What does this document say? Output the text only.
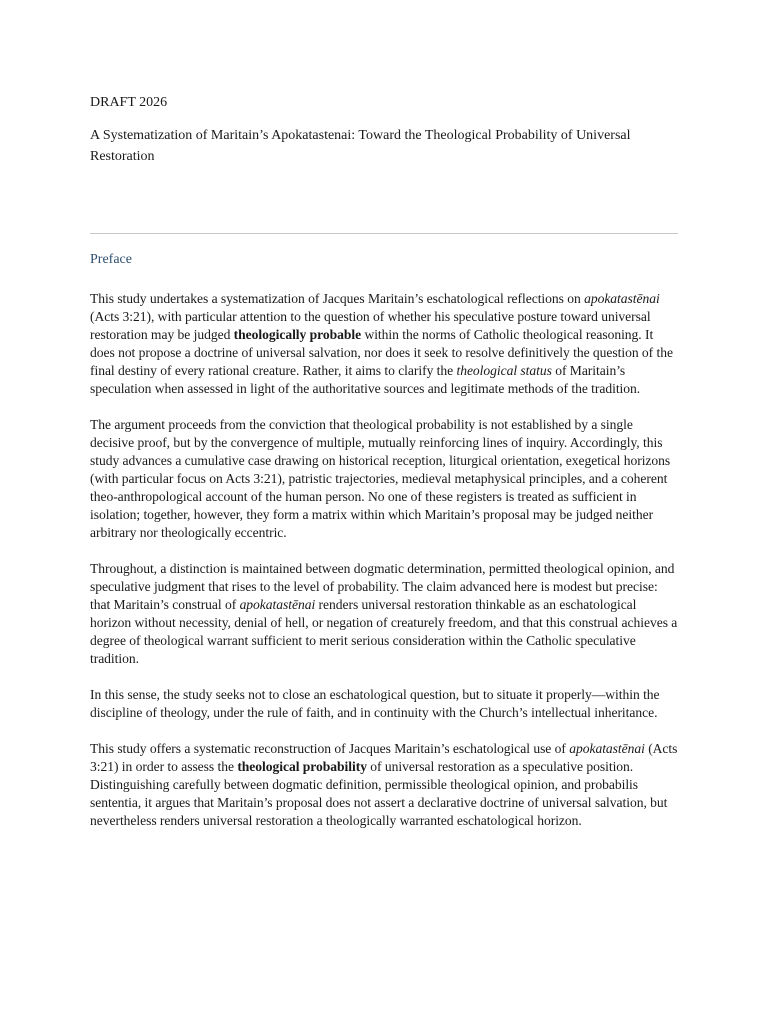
DRAFT 2026

A Systematization of Maritain’s Apokatastenai: Toward the Theological Probability of Universal Restoration
Preface

This study undertakes a systematization of Jacques Maritain’s eschatological reflections on apokatastēnai (Acts 3:21), with particular attention to the question of whether his speculative posture toward universal restoration may be judged theologically probable within the norms of Catholic theological reasoning. It does not propose a doctrine of universal salvation, nor does it seek to resolve definitively the question of the final destiny of every rational creature. Rather, it aims to clarify the theological status of Maritain’s speculation when assessed in light of the authoritative sources and legitimate methods of the tradition.

The argument proceeds from the conviction that theological probability is not established by a single decisive proof, but by the convergence of multiple, mutually reinforcing lines of inquiry. Accordingly, this study advances a cumulative case drawing on historical reception, liturgical orientation, exegetical horizons (with particular focus on Acts 3:21), patristic trajectories, medieval metaphysical principles, and a coherent theo-anthropological account of the human person. No one of these registers is treated as sufficient in isolation; together, however, they form a matrix within which Maritain’s proposal may be judged neither arbitrary nor theologically eccentric.

Throughout, a distinction is maintained between dogmatic determination, permitted theological opinion, and speculative judgment that rises to the level of probability. The claim advanced here is modest but precise: that Maritain’s construal of apokatastēnai renders universal restoration thinkable as an eschatological horizon without necessity, denial of hell, or negation of creaturely freedom, and that this construal achieves a degree of theological warrant sufficient to merit serious consideration within the Catholic speculative tradition.

In this sense, the study seeks not to close an eschatological question, but to situate it properly—within the discipline of theology, under the rule of faith, and in continuity with the Church’s intellectual inheritance.

This study offers a systematic reconstruction of Jacques Maritain’s eschatological use of apokatastēnai (Acts 3:21) in order to assess the theological probability of universal restoration as a speculative position. Distinguishing carefully between dogmatic definition, permissible theological opinion, and probabilis sententia, it argues that Maritain’s proposal does not assert a declarative doctrine of universal salvation, but nevertheless renders universal restoration a theologically warranted eschatological horizon.
